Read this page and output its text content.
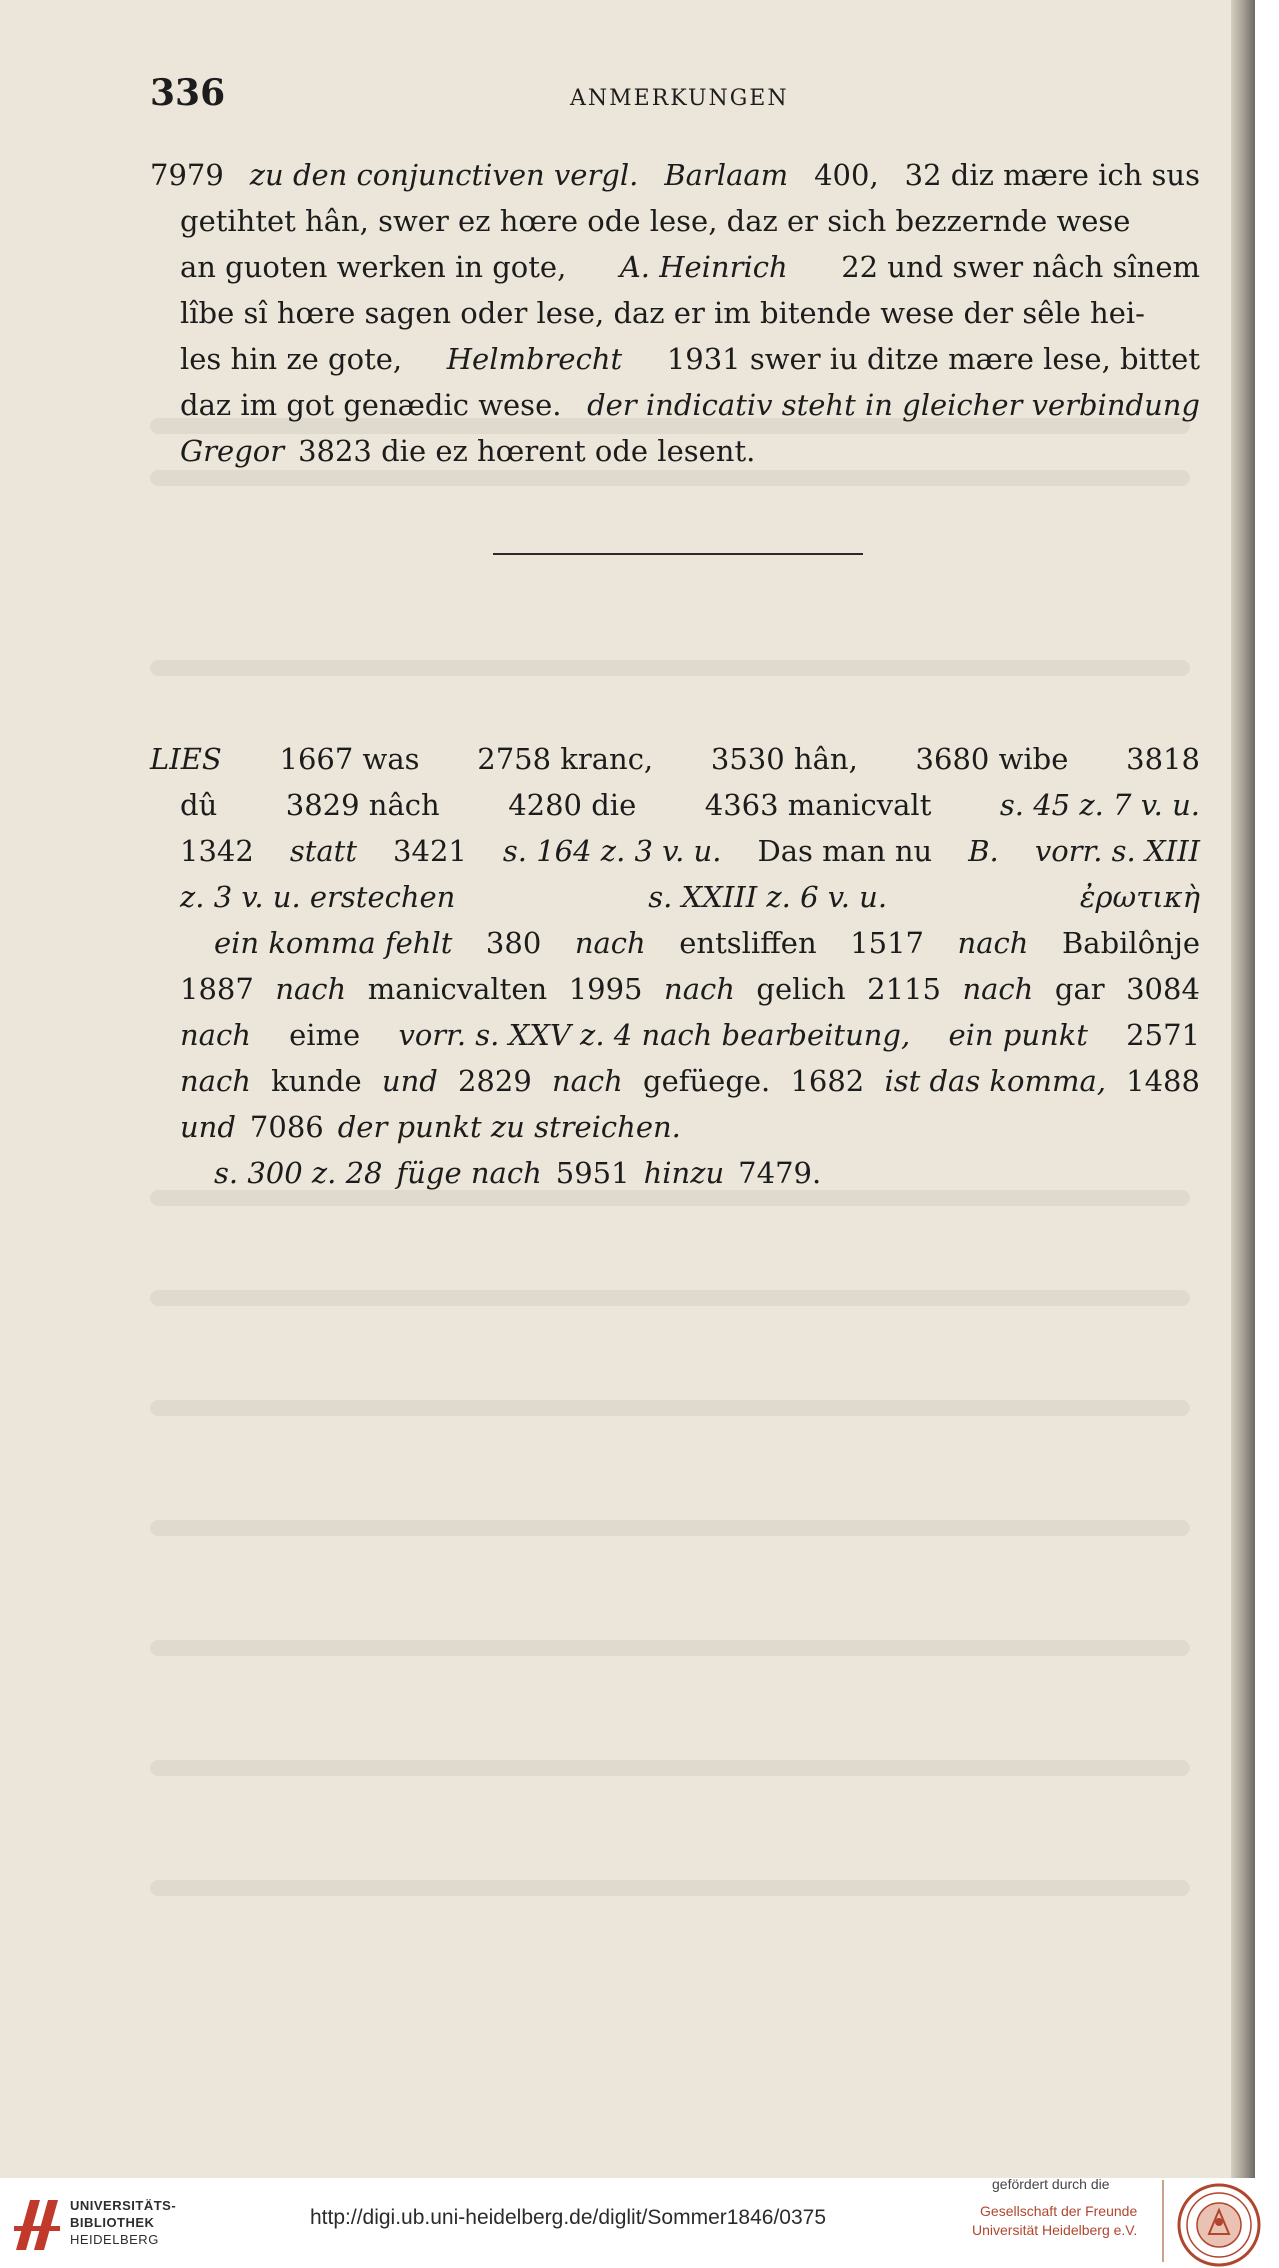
336	ANMERKUNGEN
7979 zu den conjunctiven vergl. Barlaam 400, 32 diz mære ich sus
getihtet hân, swer ez hœre ode lese, daz er sich bezzernde wese
an guoten werken in gote, A. Heinrich 22 und swer nâch sînem
lîbe sî hœre sagen oder lese, daz er im bitende wese der sêle hei-
les hin ze gote, Helmbrecht 1931 swer iu ditze mære lese, bittet
daz im got genædic wese. der indicativ steht in gleicher verbindung
Gregor 3823 die ez hœrent ode lesent.
LIES 1667 was 2758 kranc, 3530 hân, 3680 wibe 3818
dû 3829 nâch 4280 die 4363 manicvalt s. 45 z. 7 v. u.
1342 statt 3421 s. 164 z. 3 v. u. Das man nu B. vorr. s. XIII
z. 3 v. u. erstechen	s. XXIII z. 6 v. u.	ἐρωτικὴ
ein komma fehlt 380 nach entsliffen 1517 nach Babilônje
1887 nach manicvalten 1995 nach gelich 2115 nach gar 3084
nach eime vorr. s. XXV z. 4 nach bearbeitung, ein punkt 2571
nach kunde und 2829 nach gefüege. 1682 ist das komma, 1488
und 7086 der punkt zu streichen.
s. 300 z. 28 füge nach 5951 hinzu 7479.
UNIVERSITÄTS-
BIBLIOTHEK
HEIDELBERG
http://digi.ub.uni-heidelberg.de/diglit/Sommer1846/0375
gefördert durch die
Gesellschaft der Freunde
Universität Heidelberg e.V.
